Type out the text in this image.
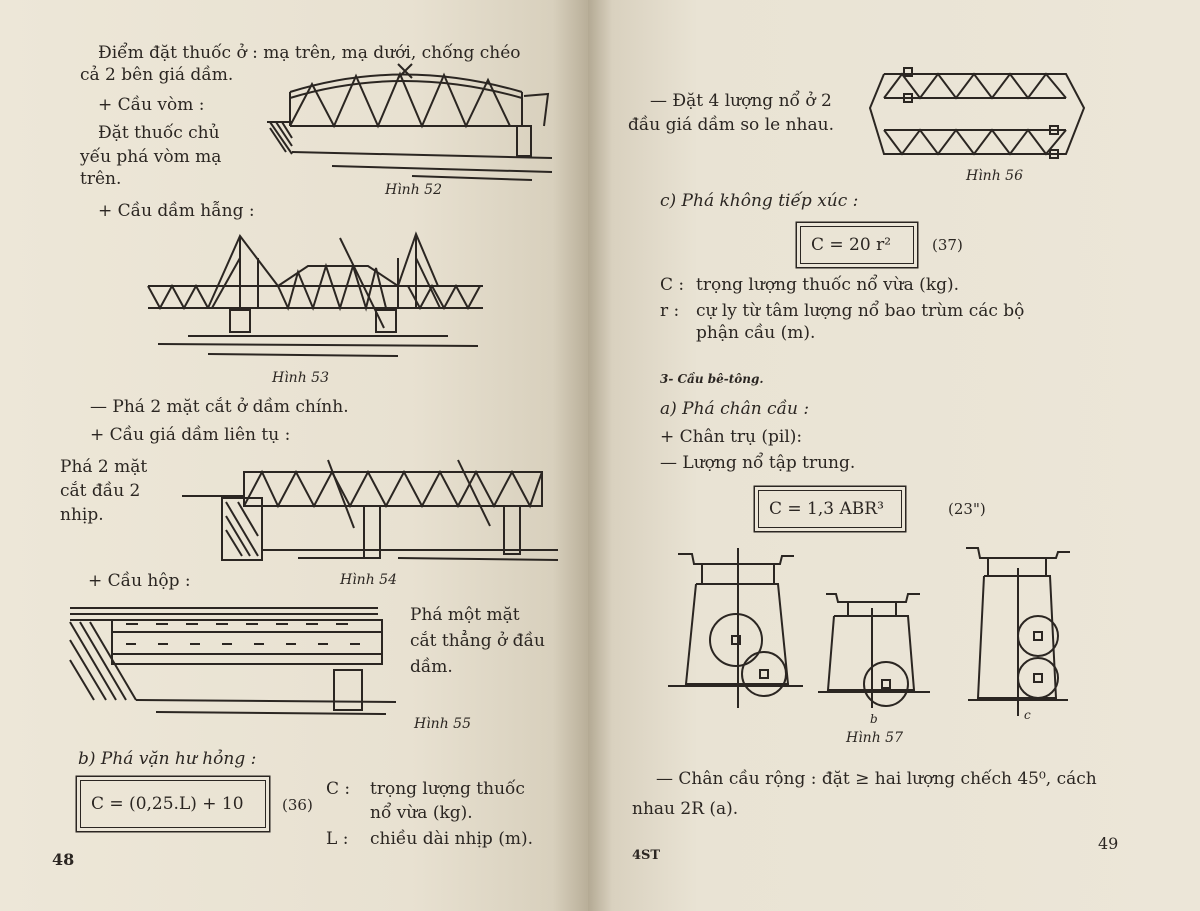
Điểm đặt thuốc ở : mạ trên, mạ dưới, chống chéo
cả 2 bên giá dầm.
+ Cầu vòm :
Đặt thuốc chủ
yếu phá vòm mạ
trên.
Hình 52
+ Cầu dầm hẫng :
Hình 53
— Phá 2 mặt cắt ở dầm chính.
+ Cầu giá dầm liên tụ :
Phá 2 mặt
cắt đầu 2
nhịp.
Hình 54
+ Cầu hộp :
Phá một mặt
cắt thẳng ở đầu
dầm.
Hình 55
b) Phá vặn hư hỏng :
C = (0,25.L) + 10	(36)
C : trọng lượng thuốc
nổ vừa (kg).
L : chiều dài nhịp (m).
48
— Đặt 4 lượng nổ ở 2
đầu giá dầm so le nhau.
Hình 56
c) Phá không tiếp xúc :
C = 20 r²	(37)
C : trọng lượng thuốc nổ vừa (kg).
r : cự ly từ tâm lượng nổ bao trùm các bộ
phận cầu (m).
3- Cầu bê-tông.
a) Phá chân cầu :
+ Chân trụ (pil):
— Lượng nổ tập trung.
C = 1,3 ABR³	(23")
b	c
Hình 57
— Chân cầu rộng : đặt ≥ hai lượng chếch 45⁰, cách
nhau 2R (a).
4ST
49
